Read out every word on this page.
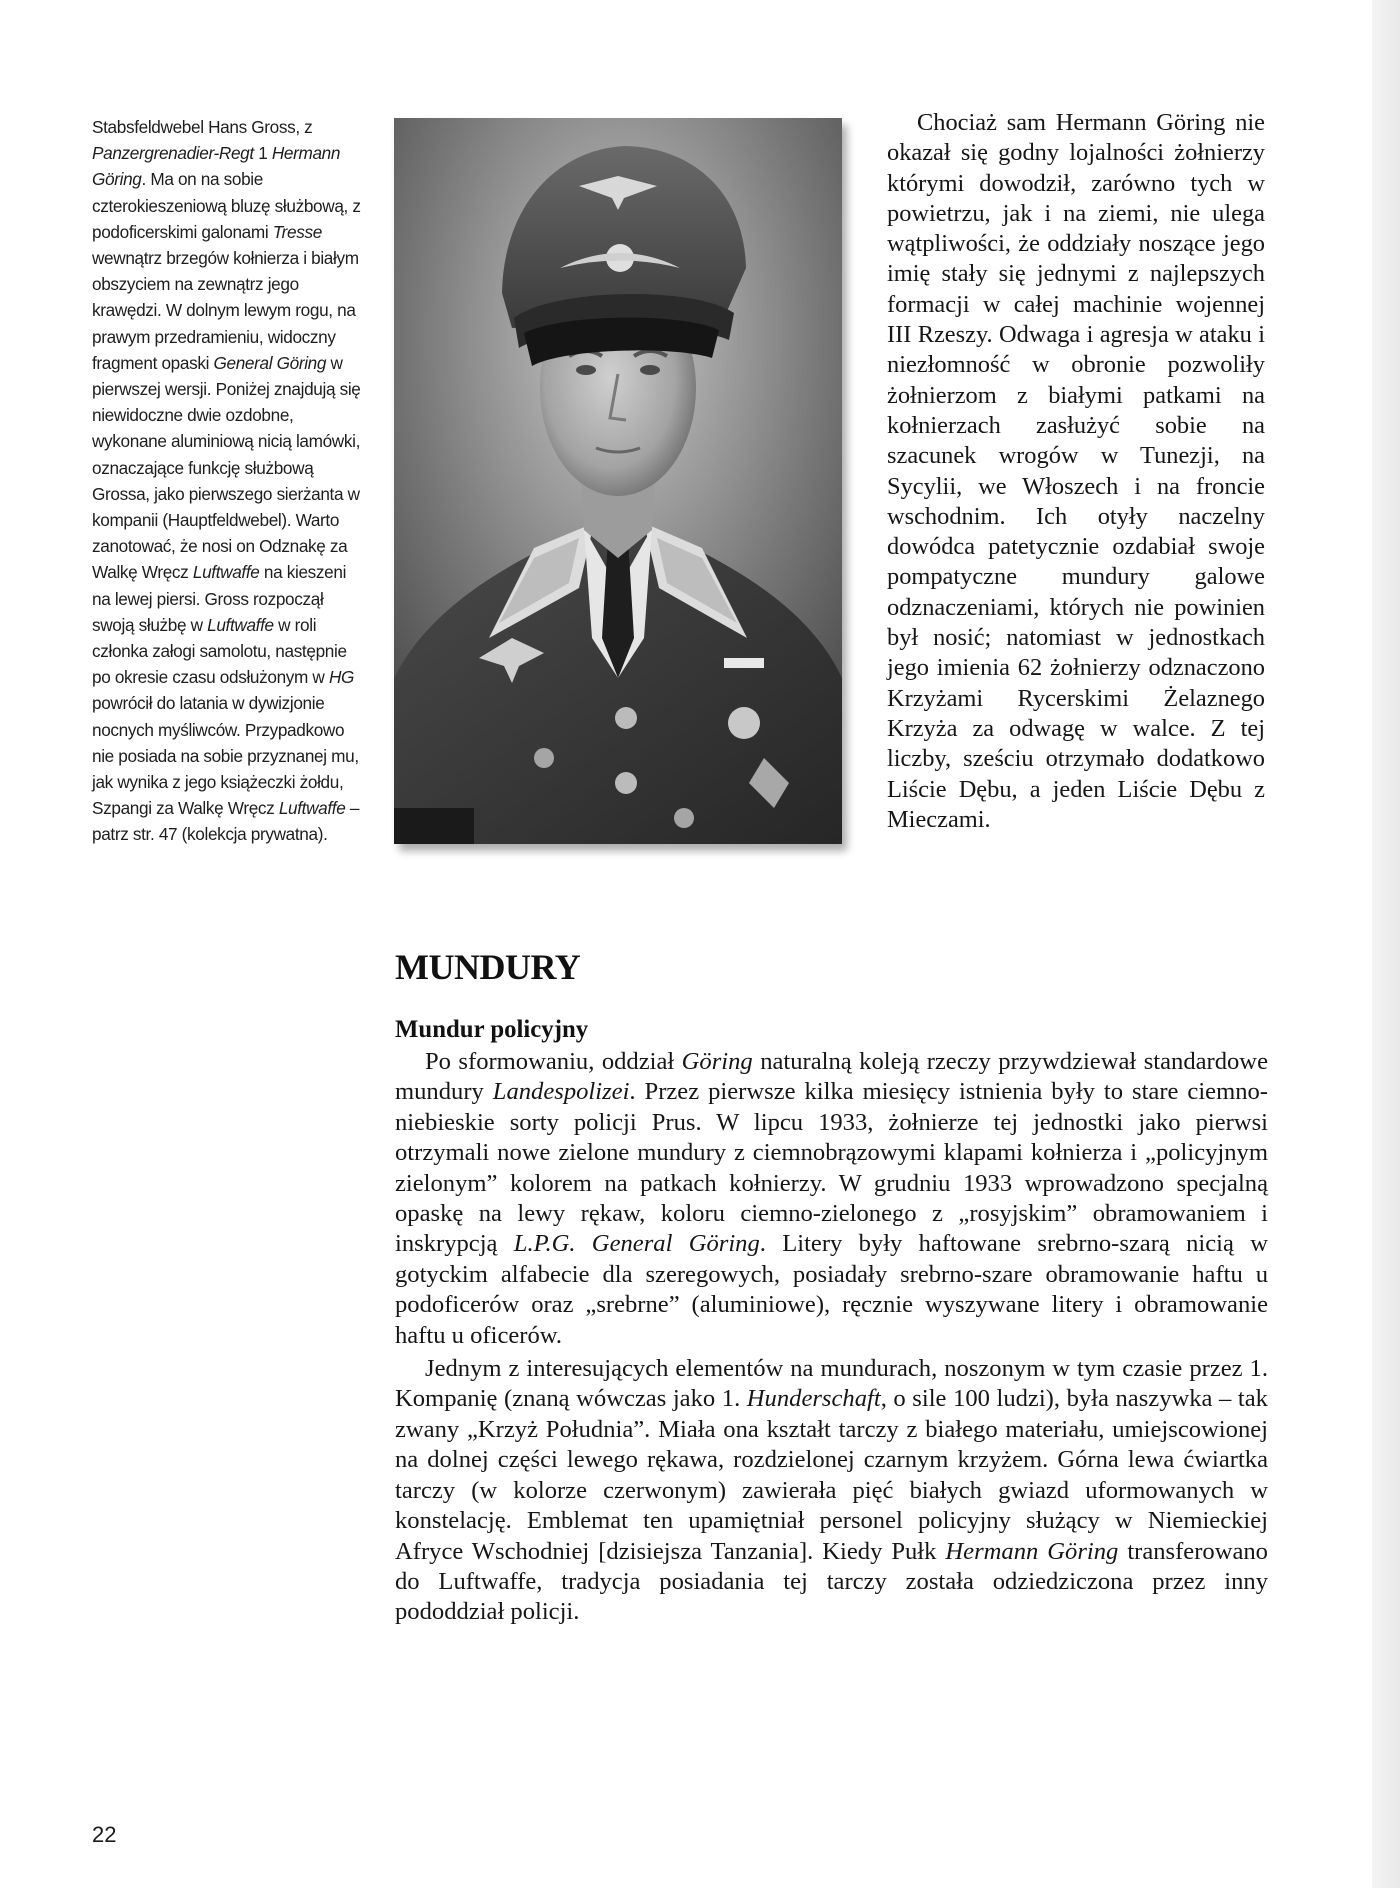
Stabsfeldwebel Hans Gross, z Panzergrenadier-Regt 1 Hermann Göring. Ma on na sobie czterokieszeniową bluzę służbową, z podoficerskimi galonami Tresse wewnątrz brzegów kołnierza i białym obszyciem na zewnątrz jego krawędzi. W dolnym lewym rogu, na prawym przedramieniu, widoczny fragment opaski General Göring w pierwszej wersji. Poniżej znajdują się niewidoczne dwie ozdobne, wykonane aluminiową nicią lamówki, oznaczające funkcję służbową Grossa, jako pierwszego sierżanta w kompanii (Hauptfeldwebel). Warto zanotować, że nosi on Odznakę za Walkę Wręcz Luftwaffe na kieszeni na lewej piersi. Gross rozpoczął swoją służbę w Luftwaffe w roli członka załogi samolotu, następnie po okresie czasu odsłużonym w HG powrócił do latania w dywizjonie nocnych myśliwców. Przypadkowo nie posiada na sobie przyznanej mu, jak wynika z jego książeczki żołdu, Szpangi za Walkę Wręcz Luftwaffe – patrz str. 47 (kolekcja prywatna).

Chociaż sam Hermann Göring nie okazał się godny lojalności żołnierzy którymi dowodził, zarówno tych w powietrzu, jak i na ziemi, nie ulega wątpliwości, że oddziały noszące jego imię stały się jednymi z najlepszych formacji w całej machinie wojennej III Rzeszy. Odwaga i agresja w ataku i niezłomność w obronie pozwoliły żołnierzom z białymi patkami na kołnierzach zasłużyć sobie na szacunek wrogów w Tunezji, na Sycylii, we Włoszech i na froncie wschodnim. Ich otyły naczelny dowódca patetycznie ozdabiał swoje pompatyczne mundury galowe odznaczeniami, których nie powinien był nosić; natomiast w jednostkach jego imienia 62 żołnierzy odznaczono Krzyżami Rycerskimi Żelaznego Krzyża za odwagę w walce. Z tej liczby, sześciu otrzymało dodatkowo Liście Dębu, a jeden Liście Dębu z Mieczami.

MUNDURY
Mundur policyjny

Po sformowaniu, oddział Göring naturalną koleją rzeczy przywdziewał standardowe mundury Landespolizei. Przez pierwsze kilka miesięcy istnienia były to stare ciemno-niebieskie sorty policji Prus. W lipcu 1933, żołnierze tej jednostki jako pierwsi otrzymali nowe zielone mundury z ciemnobrązowymi klapami kołnierza i „policyjnym zielonym” kolorem na patkach kołnierzy. W grudniu 1933 wprowadzono specjalną opaskę na lewy rękaw, koloru ciemno-zielonego z „rosyjskim” obramowaniem i inskrypcją L.P.G. General Göring. Litery były haftowane srebrno-szarą nicią w gotyckim alfabecie dla szeregowych, posiadały srebrno-szare obramowanie haftu u podoficerów oraz „srebrne” (aluminiowe), ręcznie wyszywane litery i obramowanie haftu u oficerów.

Jednym z interesujących elementów na mundurach, noszonym w tym czasie przez 1. Kompanię (znaną wówczas jako 1. Hunderschaft, o sile 100 ludzi), była naszywka – tak zwany „Krzyż Południa”. Miała ona kształt tarczy z białego materiału, umiejscowionej na dolnej części lewego rękawa, rozdzielonej czarnym krzyżem. Górna lewa ćwiartka tarczy (w kolorze czerwonym) zawierała pięć białych gwiazd uformowanych w konstelację. Emblemat ten upamiętniał personel policyjny służący w Niemieckiej Afryce Wschodniej [dzisiejsza Tanzania]. Kiedy Pułk Hermann Göring transferowano do Luftwaffe, tradycja posiadania tej tarczy została odziedziczona przez inny pododdział policji.

22
